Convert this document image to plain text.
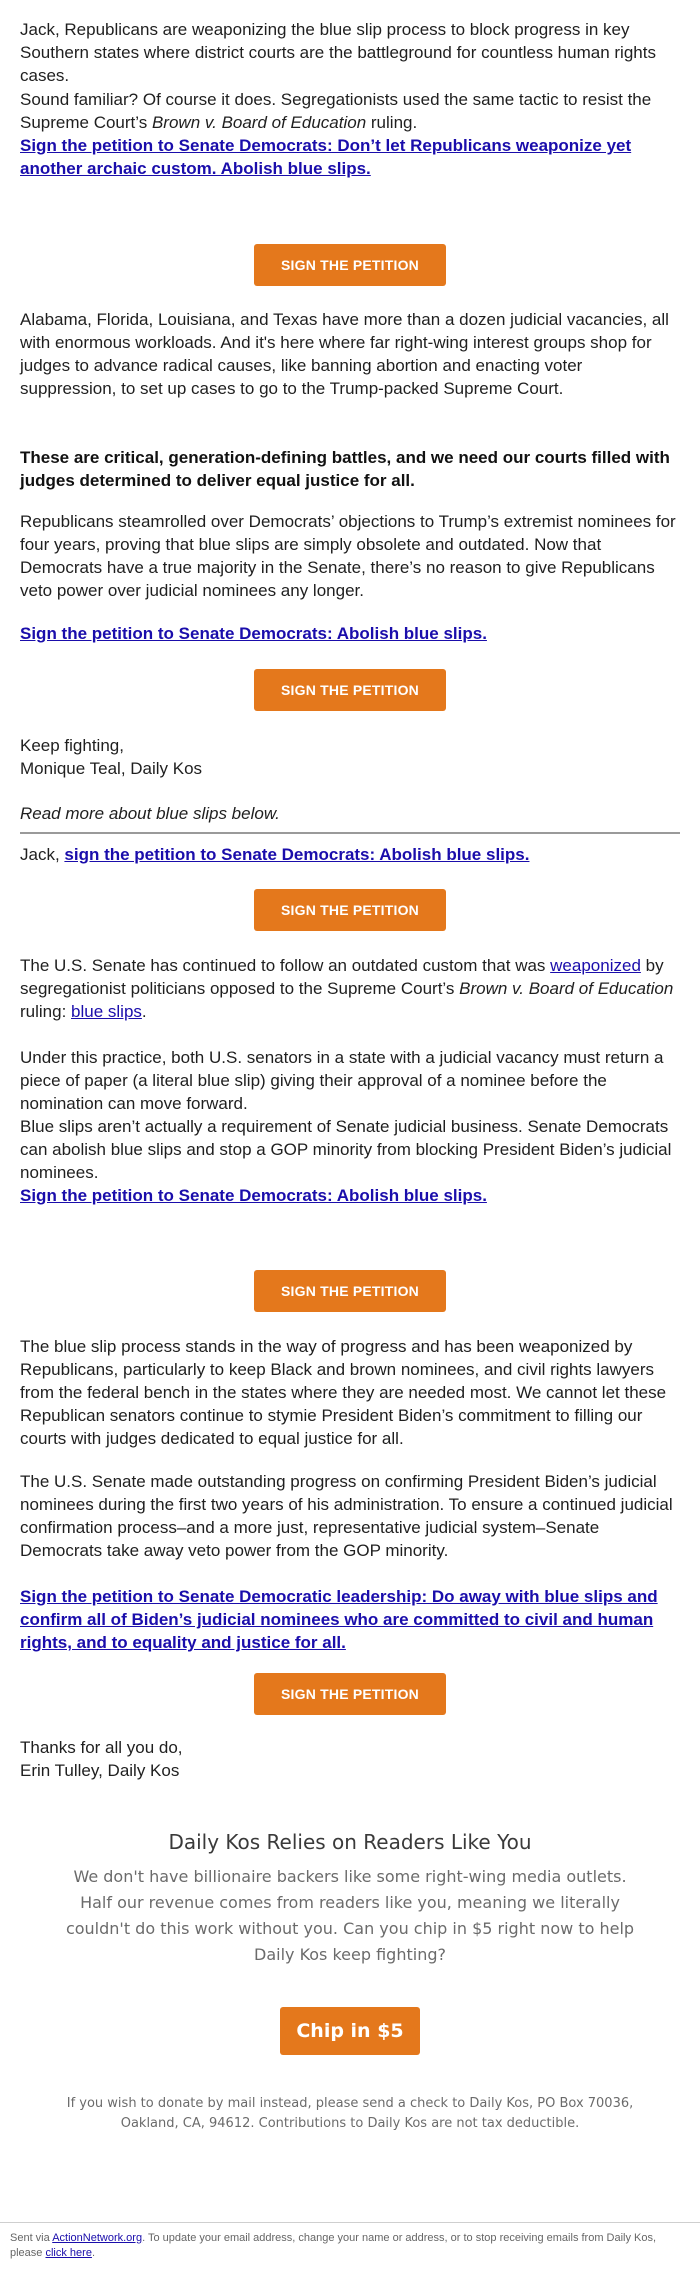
Jack, Republicans are weaponizing the blue slip process to block progress in key Southern states where district courts are the battleground for countless human rights cases.

Sound familiar? Of course it does. Segregationists used the same tactic to resist the Supreme Court’s Brown v. Board of Education ruling.

Sign the petition to Senate Democrats: Don’t let Republicans weaponize yet another archaic custom. Abolish blue slips.

SIGN THE PETITION

Alabama, Florida, Louisiana, and Texas have more than a dozen judicial vacancies, all with enormous workloads. And it's here where far right-wing interest groups shop for judges to advance radical causes, like banning abortion and enacting voter suppression, to set up cases to go to the Trump-packed Supreme Court.

These are critical, generation-defining battles, and we need our courts filled with judges determined to deliver equal justice for all.

Republicans steamrolled over Democrats’ objections to Trump’s extremist nominees for four years, proving that blue slips are simply obsolete and outdated. Now that Democrats have a true majority in the Senate, there’s no reason to give Republicans veto power over judicial nominees any longer.

Sign the petition to Senate Democrats: Abolish blue slips.

SIGN THE PETITION

Keep fighting,

Monique Teal, Daily Kos

Read more about blue slips below.

Jack, sign the petition to Senate Democrats: Abolish blue slips.

SIGN THE PETITION

The U.S. Senate has continued to follow an outdated custom that was weaponized by segregationist politicians opposed to the Supreme Court’s Brown v. Board of Education ruling: blue slips.

Under this practice, both U.S. senators in a state with a judicial vacancy must return a piece of paper (a literal blue slip) giving their approval of a nominee before the nomination can move forward.

Blue slips aren’t actually a requirement of Senate judicial business. Senate Democrats can abolish blue slips and stop a GOP minority from blocking President Biden’s judicial nominees.

Sign the petition to Senate Democrats: Abolish blue slips.

SIGN THE PETITION

The blue slip process stands in the way of progress and has been weaponized by Republicans, particularly to keep Black and brown nominees, and civil rights lawyers from the federal bench in the states where they are needed most. We cannot let these Republican senators continue to stymie President Biden’s commitment to filling our courts with judges dedicated to equal justice for all.

The U.S. Senate made outstanding progress on confirming President Biden’s judicial nominees during the first two years of his administration. To ensure a continued judicial confirmation process–and a more just, representative judicial system–Senate Democrats take away veto power from the GOP minority.

Sign the petition to Senate Democratic leadership: Do away with blue slips and confirm all of Biden’s judicial nominees who are committed to civil and human rights, and to equality and justice for all.

SIGN THE PETITION

Thanks for all you do,

Erin Tulley, Daily Kos

Daily Kos Relies on Readers Like You

We don't have billionaire backers like some right-wing media outlets. Half our revenue comes from readers like you, meaning we literally couldn't do this work without you. Can you chip in $5 right now to help Daily Kos keep fighting?

Chip in $5

If you wish to donate by mail instead, please send a check to Daily Kos, PO Box 70036, Oakland, CA, 94612. Contributions to Daily Kos are not tax deductible.

Sent via ActionNetwork.org. To update your email address, change your name or address, or to stop receiving emails from Daily Kos, please click here.
